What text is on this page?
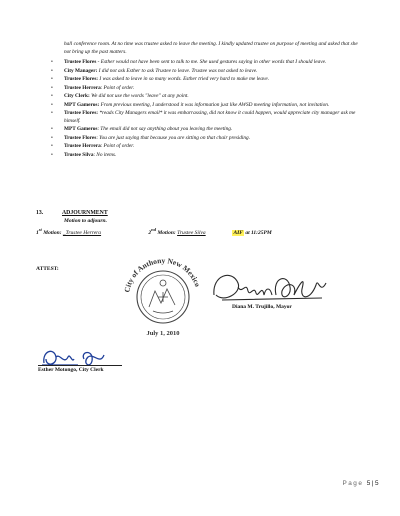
hall conference room. At no time was trustee asked to leave the meeting. I kindly updated trustee on purpose of meeting and asked that she not bring up the past matters.
• Trustee Flores - Esther would not have been sent to talk to me. She used gestures saying in other words that I should leave.
• City Manager: I did not ask Esther to ask Trustee to leave. Trustee was not asked to leave.
• Trustee Flores: I was asked to leave in so many words. Esther tried very hard to make me leave.
• Trustee Herrera: Point of order.
• City Clerk: We did not use the words "leave" at any point.
• MPT Gameros: From previous meeting, I understood it was information just like AWSD meeting information, not invitation.
• Trustee Flores: *reads City Managers email* it was embarrassing, did not know it could happen, would appreciate city manager ask me himself.
• MPT Gameros: The email did not say anything about you leaving the meeting.
• Trustee Flores: You are just saying that because you are sitting on that chair presiding.
• Trustee Herrera: Point of order.
• Trustee Silva: No items.
13.	ADJOURNMENT
Motion to adjourn.
1st Motion: _Trustee Herrera	2nd Motion: Trustee Silva	AIF at 11:25PM
ATTEST:
City of Anthony New Mexico
July 1, 2010
Diana M. Trujillo, Mayor
Esther Motongo, City Clerk
Page 5|5
